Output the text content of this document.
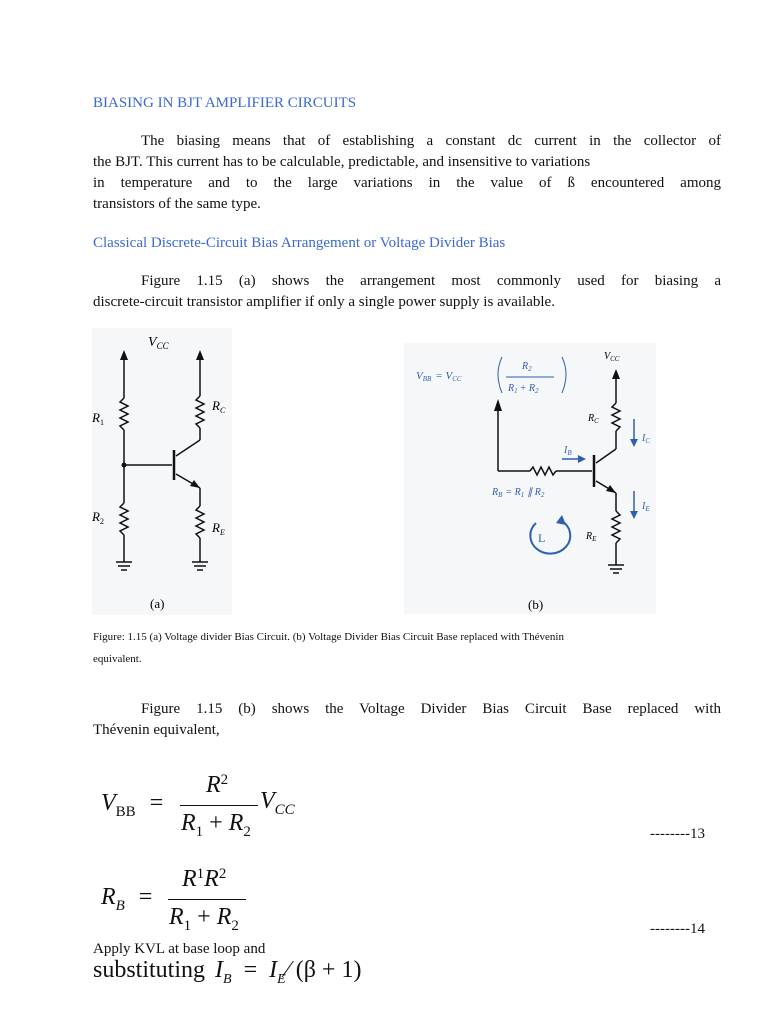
BIASING IN BJT AMPLIFIER CIRCUITS

The biasing means that of establishing a constant dc current in the collector of

the BJT. This current has to be calculable, predictable, and insensitive to variations

in temperature and to the large variations in the value of ß encountered among

transistors of the same type.

Classical Discrete-Circuit Bias Arrangement or Voltage Divider Bias

Figure 1.15 (a) shows the arrangement most commonly used for biasing a

discrete-circuit transistor amplifier if only a single power supply is available.

$V_{CC}$
$R_1$
$R_2$
$R_C$
$R_E$
(a)
VBB = VCC
$R_2$
$R_1 + R_2$
L
$V_{CC}$
$R_C$
$I_C$
$I_B$
$R_B = R_1$ ∥ $R_2$
$I_E$
$R_E$
(b)
Figure: 1.15 (a) Voltage divider Bias Circuit. (b) Voltage Divider Bias Circuit Base replaced with Thévenin
equivalent.

Figure 1.15 (b) shows the Voltage Divider Bias Circuit Base replaced with

Thévenin equivalent,

$V_{BB}$ =
$R^2$
$R_1 + R_2$
$V_{CC}$
--------13
$R_B$ =
$R^1R^2$
$R_1 + R_2$	--------14
Apply KVL at base loop and
substituting $I_B$ = $I_E⁄$ (β + 1)
